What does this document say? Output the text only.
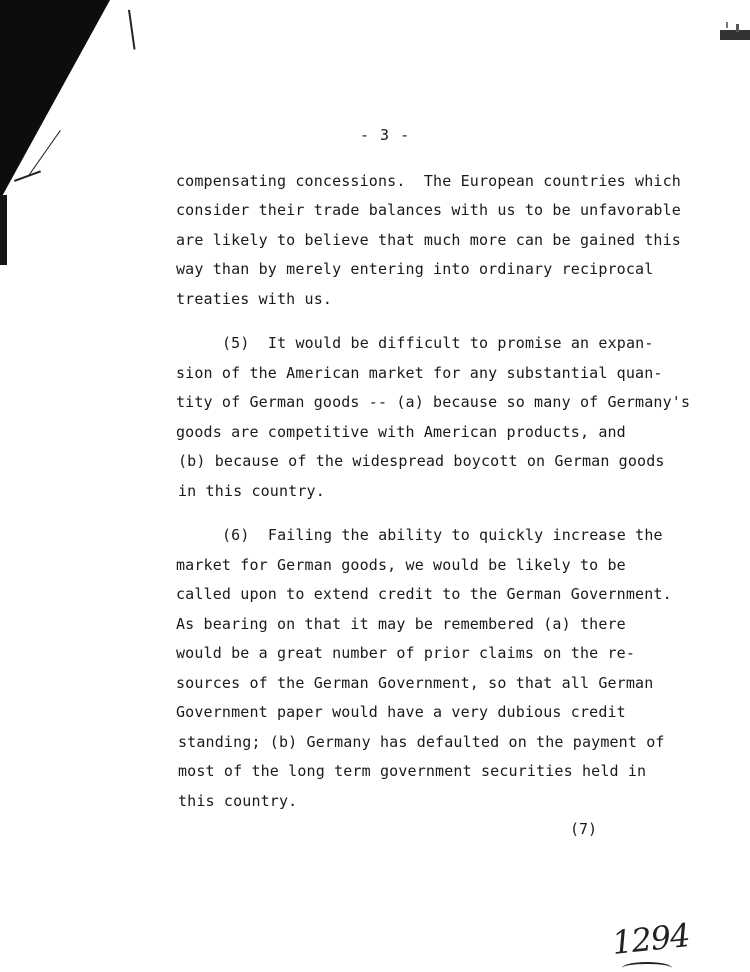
- 3 -
compensating concessions.  The European countries which
consider their trade balances with us to be unfavorable
are likely to believe that much more can be gained this
way than by merely entering into ordinary reciprocal
treaties with us.
(5)  It would be difficult to promise an expan-
sion of the American market for any substantial quan-
tity of German goods -- (a) because so many of Germany's
goods are competitive with American products, and
(b) because of the widespread boycott on German goods
in this country.
(6)  Failing the ability to quickly increase the
market for German goods, we would be likely to be
called upon to extend credit to the German Government.
As bearing on that it may be remembered (a) there
would be a great number of prior claims on the re-
sources of the German Government, so that all German
Government paper would have a very dubious credit
standing; (b) Germany has defaulted on the payment of
most of the long term government securities held in
this country.
(7)
1294
